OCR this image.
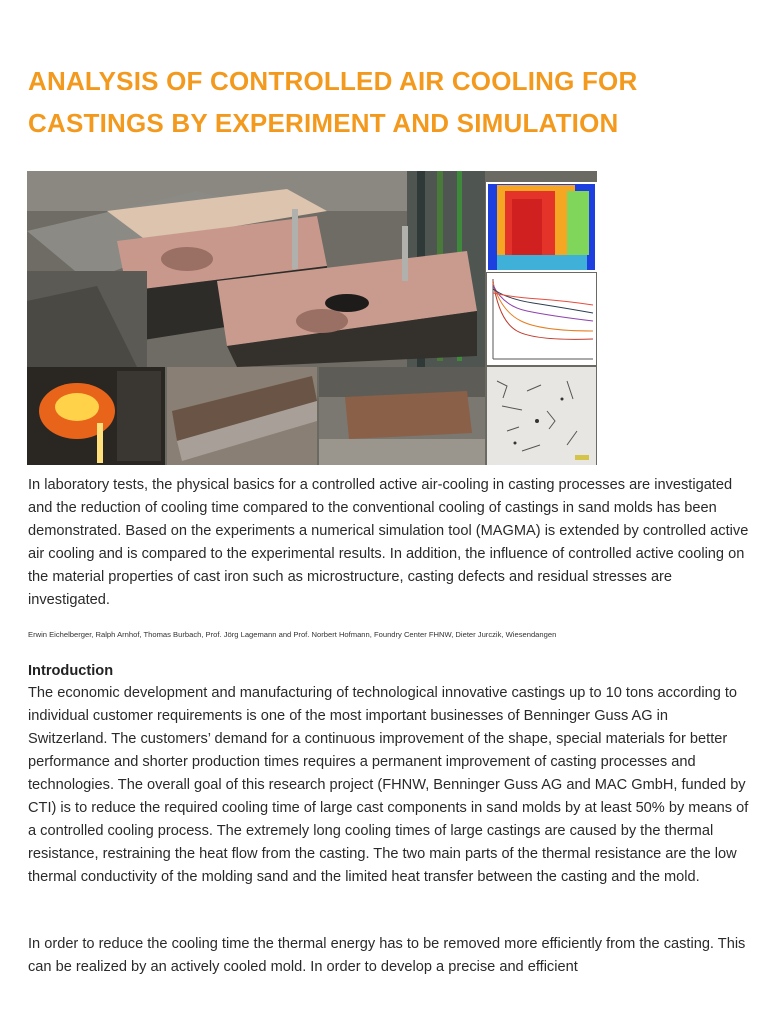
ANALYSIS OF CONTROLLED AIR COOLING FOR CASTINGS BY EXPERIMENT AND SIMULATION

In laboratory tests, the physical basics for a controlled active air-cooling in casting processes are investigated and the reduction of cooling time compared to the conventional cooling of castings in sand molds has been demonstrated. Based on the experiments a numerical simulation tool (MAGMA) is extended by controlled active air cooling and is compared to the experimental results. In addition, the influence of controlled active cooling on the material properties of cast iron such as microstructure, casting defects and residual stresses are investigated.

Erwin Eichelberger, Ralph Arnhof, Thomas Burbach, Prof. Jörg Lagemann and Prof. Norbert Hofmann, Foundry Center FHNW, Dieter Jurczik, Wiesendangen

Introduction

The economic development and manufacturing of technological innovative castings up to 10 tons according to individual customer requirements is one of the most important businesses of Benninger Guss AG in Switzerland. The customers’ demand for a continuous improvement of the shape, special materials for better performance and shorter production times requires a permanent improvement of casting processes and technologies. The overall goal of this research project (FHNW, Benninger Guss AG and MAC GmbH, funded by CTI) is to reduce the required cooling time of large cast components in sand molds by at least 50% by means of a controlled cooling process. The extremely long cooling times of large castings are caused by the thermal resistance, restraining the heat flow from the casting. The two main parts of the thermal resistance are the low thermal conductivity of the molding sand and the limited heat transfer between the casting and the mold.

In order to reduce the cooling time the thermal energy has to be removed more efficiently from the casting. This can be realized by an actively cooled mold. In order to develop a precise and efficient
